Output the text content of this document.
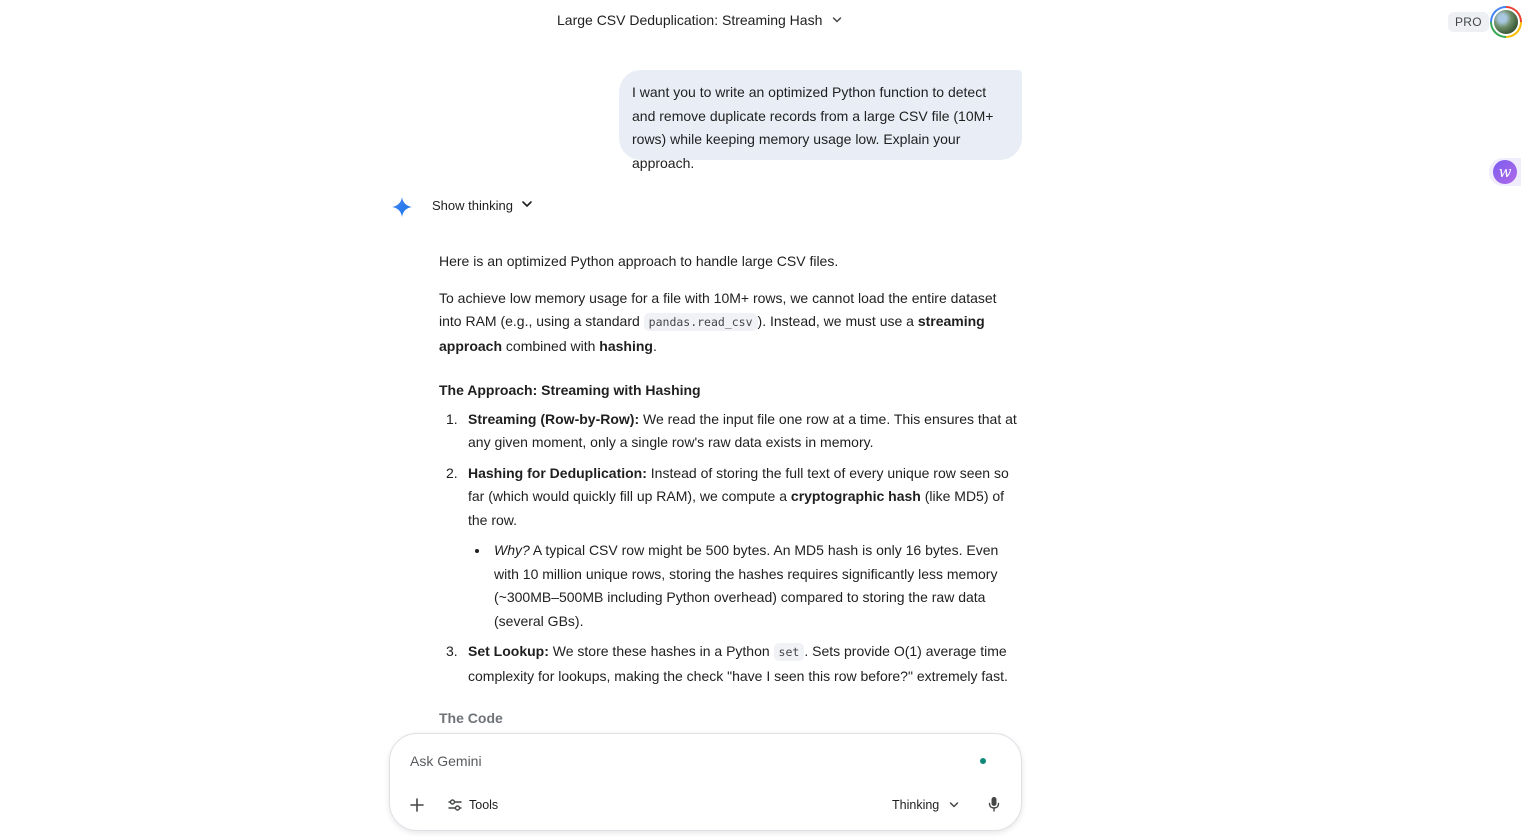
Large CSV Deduplication: Streaming Hash	PRO
w
I want you to write an optimized Python function to detect and remove duplicate records from a large CSV file (10M+ rows) while keeping memory usage low. Explain your approach.
Show thinking

Here is an optimized Python approach to handle large CSV files.

To achieve low memory usage for a file with 10M+ rows, we cannot load the entire dataset into RAM (e.g., using a standard pandas.read_csv ). Instead, we must use a streaming approach combined with hashing.

The Approach: Streaming with Hashing
1. Streaming (Row-by-Row): We read the input file one row at a time. This ensures that at any given moment, only a single row's raw data exists in memory.
2. Hashing for Deduplication: Instead of storing the full text of every unique row seen so far (which would quickly fill up RAM), we compute a cryptographic hash (like MD5) of the row.
Why? A typical CSV row might be 500 bytes. An MD5 hash is only 16 bytes. Even with 10 million unique rows, storing the hashes requires significantly less memory (~300MB–500MB including Python overhead) compared to storing the raw data (several GBs).
3. Set Lookup: We store these hashes in a Python set . Sets provide O(1) average time complexity for lookups, making the check "have I seen this row before?" extremely fast.
The Code
Ask Gemini
Tools	Thinking
